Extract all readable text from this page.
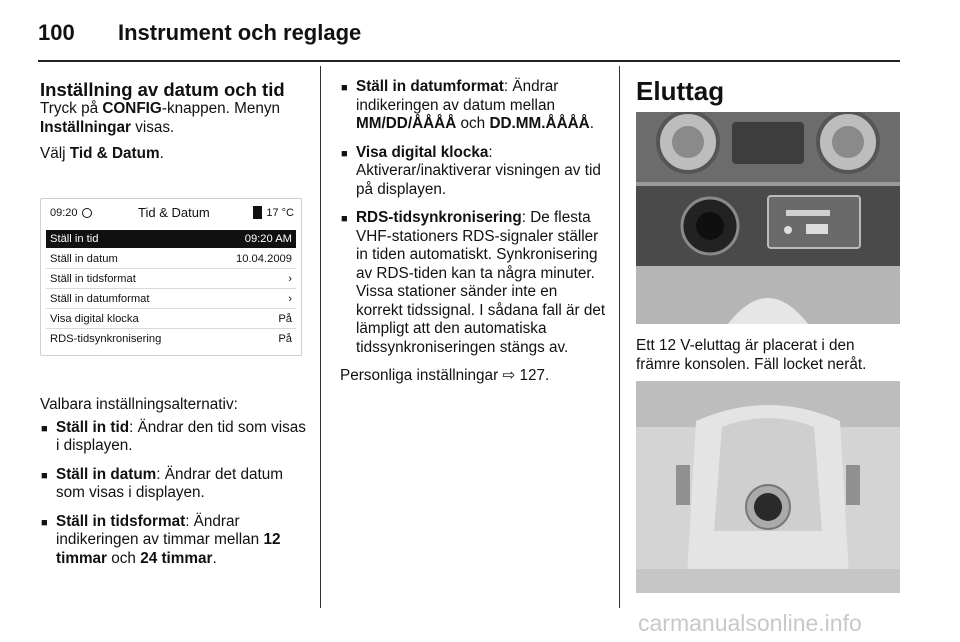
100 Instrument och reglage
Inställning av datum och tid

Tryck på CONFIG-knappen. Menyn Inställningar visas.

Välj Tid & Datum.

09:20	Tid & Datum	17 °C
Ställ in tid	09:20 AM
Ställ in datum	10.04.2009
Ställ in tidsformat	›
Ställ in datumformat	›
Visa digital klocka	På
RDS-tidsynkronisering	På

Valbara inställningsalternativ:

■ Ställ in tid: Ändrar den tid som visas i displayen.
■ Ställ in datum: Ändrar det datum som visas i displayen.
■ Ställ in tidsformat: Ändrar indikeringen av timmar mellan 12 timmar och 24 timmar.
■ Ställ in datumformat: Ändrar indikeringen av datum mellan MM/DD/ÅÅÅÅ och DD.MM.ÅÅÅÅ.
■ Visa digital klocka: Aktiverar/inaktiverar visningen av tid på displayen.
■ RDS-tidsynkronisering: De flesta VHF-stationers RDS-signaler ställer in tiden automatiskt. Synkronisering av RDS-tiden kan ta några minuter. Vissa stationer sänder inte en korrekt tidssignal. I sådana fall är det lämpligt att den automatiska tidssynkroniseringen stängs av.

Personliga inställningar ⇨ 127.

Eluttag

Ett 12 V-eluttag är placerat i den främre konsolen. Fäll locket neråt.

carmanualsonline.info
